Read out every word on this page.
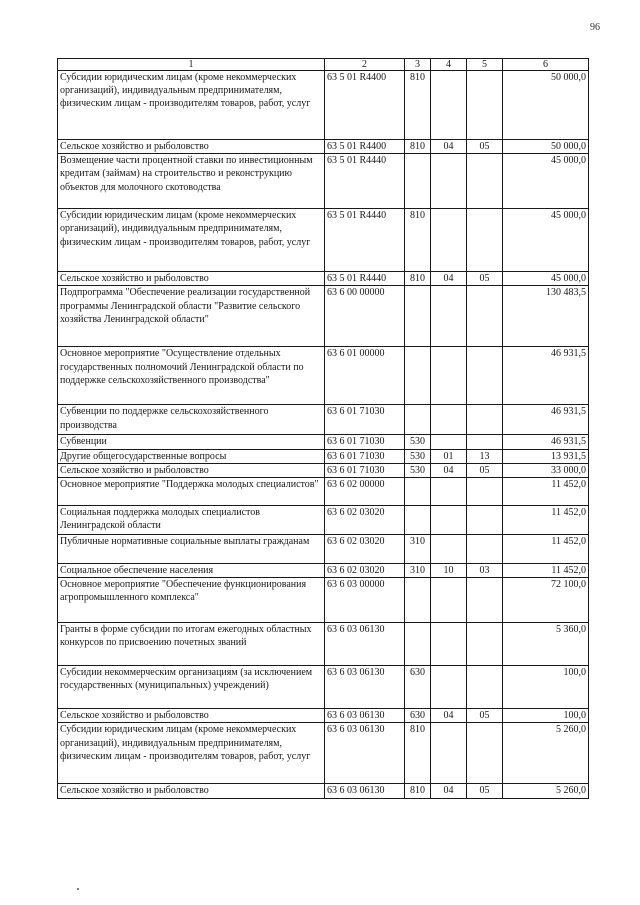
96
1	2	3	4	5	6
Субсидии юридическим лицам (кроме некоммерческих организаций), индивидуальным предпринимателям, физическим лицам - производителям товаров, работ, услуг	63 5 01 R4400	810			50 000,0
Сельское хозяйство и рыболовство	63 5 01 R4400	810	04	05	50 000,0
Возмещение части процентной ставки по инвестиционным кредитам (займам) на строительство и реконструкцию объектов для молочного скотоводства	63 5 01 R4440				45 000,0
Субсидии юридическим лицам (кроме некоммерческих организаций), индивидуальным предпринимателям, физическим лицам - производителям товаров, работ, услуг	63 5 01 R4440	810			45 000,0
Сельское хозяйство и рыболовство	63 5 01 R4440	810	04	05	45 000,0
Подпрограмма "Обеспечение реализации государственной программы Ленинградской области "Развитие сельского хозяйства Ленинградской области"	63 6 00 00000				130 483,5
Основное мероприятие "Осуществление отдельных государственных полномочий Ленинградской области по поддержке сельскохозяйственного производства"	63 6 01 00000				46 931,5
Субвенции по поддержке сельскохозяйственного производства	63 6 01 71030				46 931,5
Субвенции	63 6 01 71030	530			46 931,5
Другие общегосударственные вопросы	63 6 01 71030	530	01	13	13 931,5
Сельское хозяйство и рыболовство	63 6 01 71030	530	04	05	33 000,0
Основное мероприятие "Поддержка молодых специалистов"	63 6 02 00000				11 452,0
Социальная поддержка молодых специалистов Ленинградской области	63 6 02 03020				11 452,0
Публичные нормативные социальные выплаты гражданам	63 6 02 03020	310			11 452,0
Социальное обеспечение населения	63 6 02 03020	310	10	03	11 452,0
Основное мероприятие "Обеспечение функционирования агропромышленного комплекса"	63 6 03 00000				72 100,0
Гранты в форме субсидии по итогам ежегодных областных конкурсов по присвоению почетных званий	63 6 03 06130				5 360,0
Субсидии некоммерческим организациям (за исключением государственных (муниципальных) учреждений)	63 6 03 06130	630			100,0
Сельское хозяйство и рыболовство	63 6 03 06130	630	04	05	100,0
Субсидии юридическим лицам (кроме некоммерческих организаций), индивидуальным предпринимателям, физическим лицам - производителям товаров, работ, услуг	63 6 03 06130	810			5 260,0
Сельское хозяйство и рыболовство	63 6 03 06130	810	04	05	5 260,0
